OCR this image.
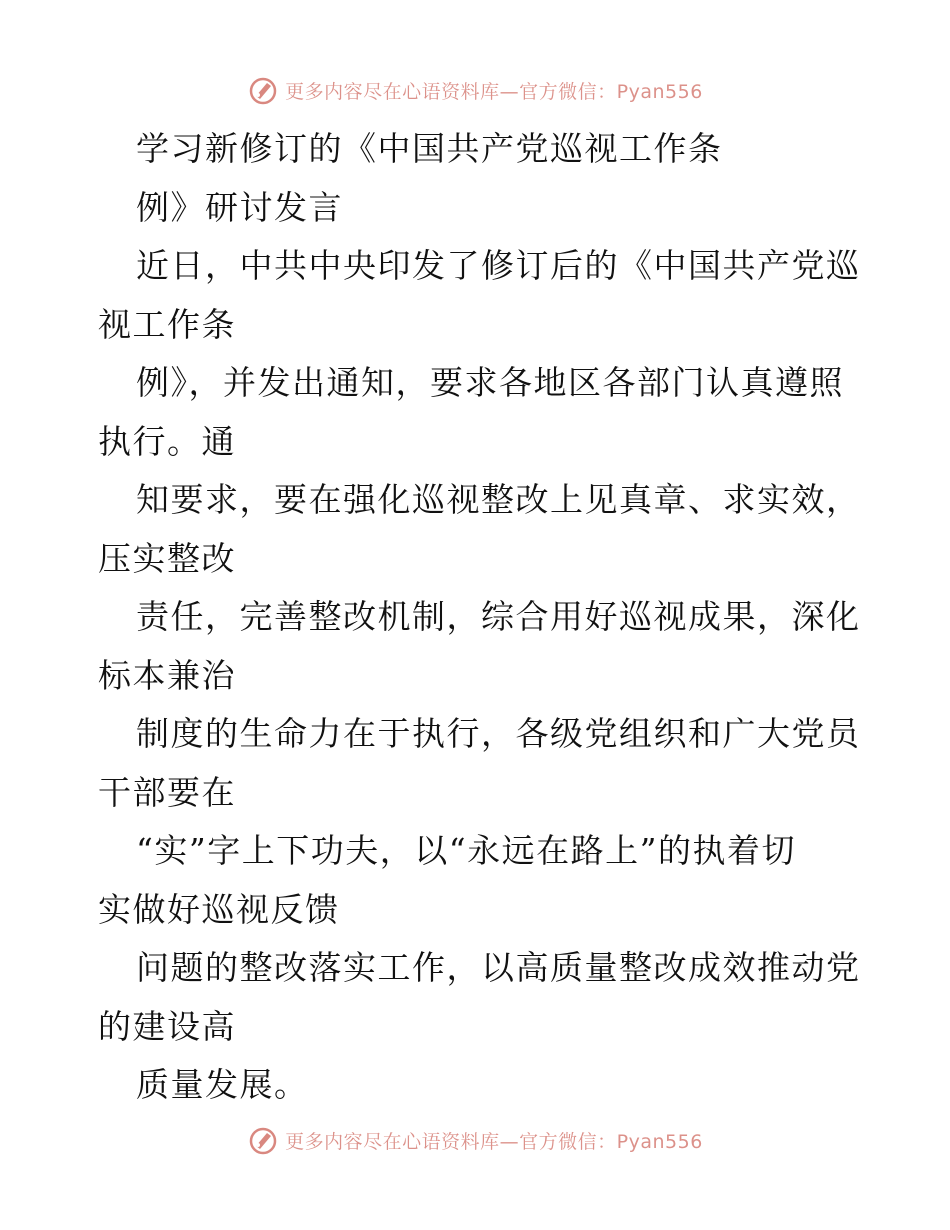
更多内容尽在心语资料库—官方微信：Pyan556
学习新修订的《中国共产党巡视工作条
例》研讨发言
近日，中共中央印发了修订后的《中国共产党巡
视工作条
例》，并发出通知，要求各地区各部门认真遵照
执行。通
知要求，要在强化巡视整改上见真章、求实效，
压实整改
责任，完善整改机制，综合用好巡视成果，深化
标本兼治
制度的生命力在于执行，各级党组织和广大党员
干部要在
“实”字上下功夫，以“永远在路上”的执着切
实做好巡视反馈
问题的整改落实工作，以高质量整改成效推动党
的建设高
质量发展。
更多内容尽在心语资料库—官方微信：Pyan556
